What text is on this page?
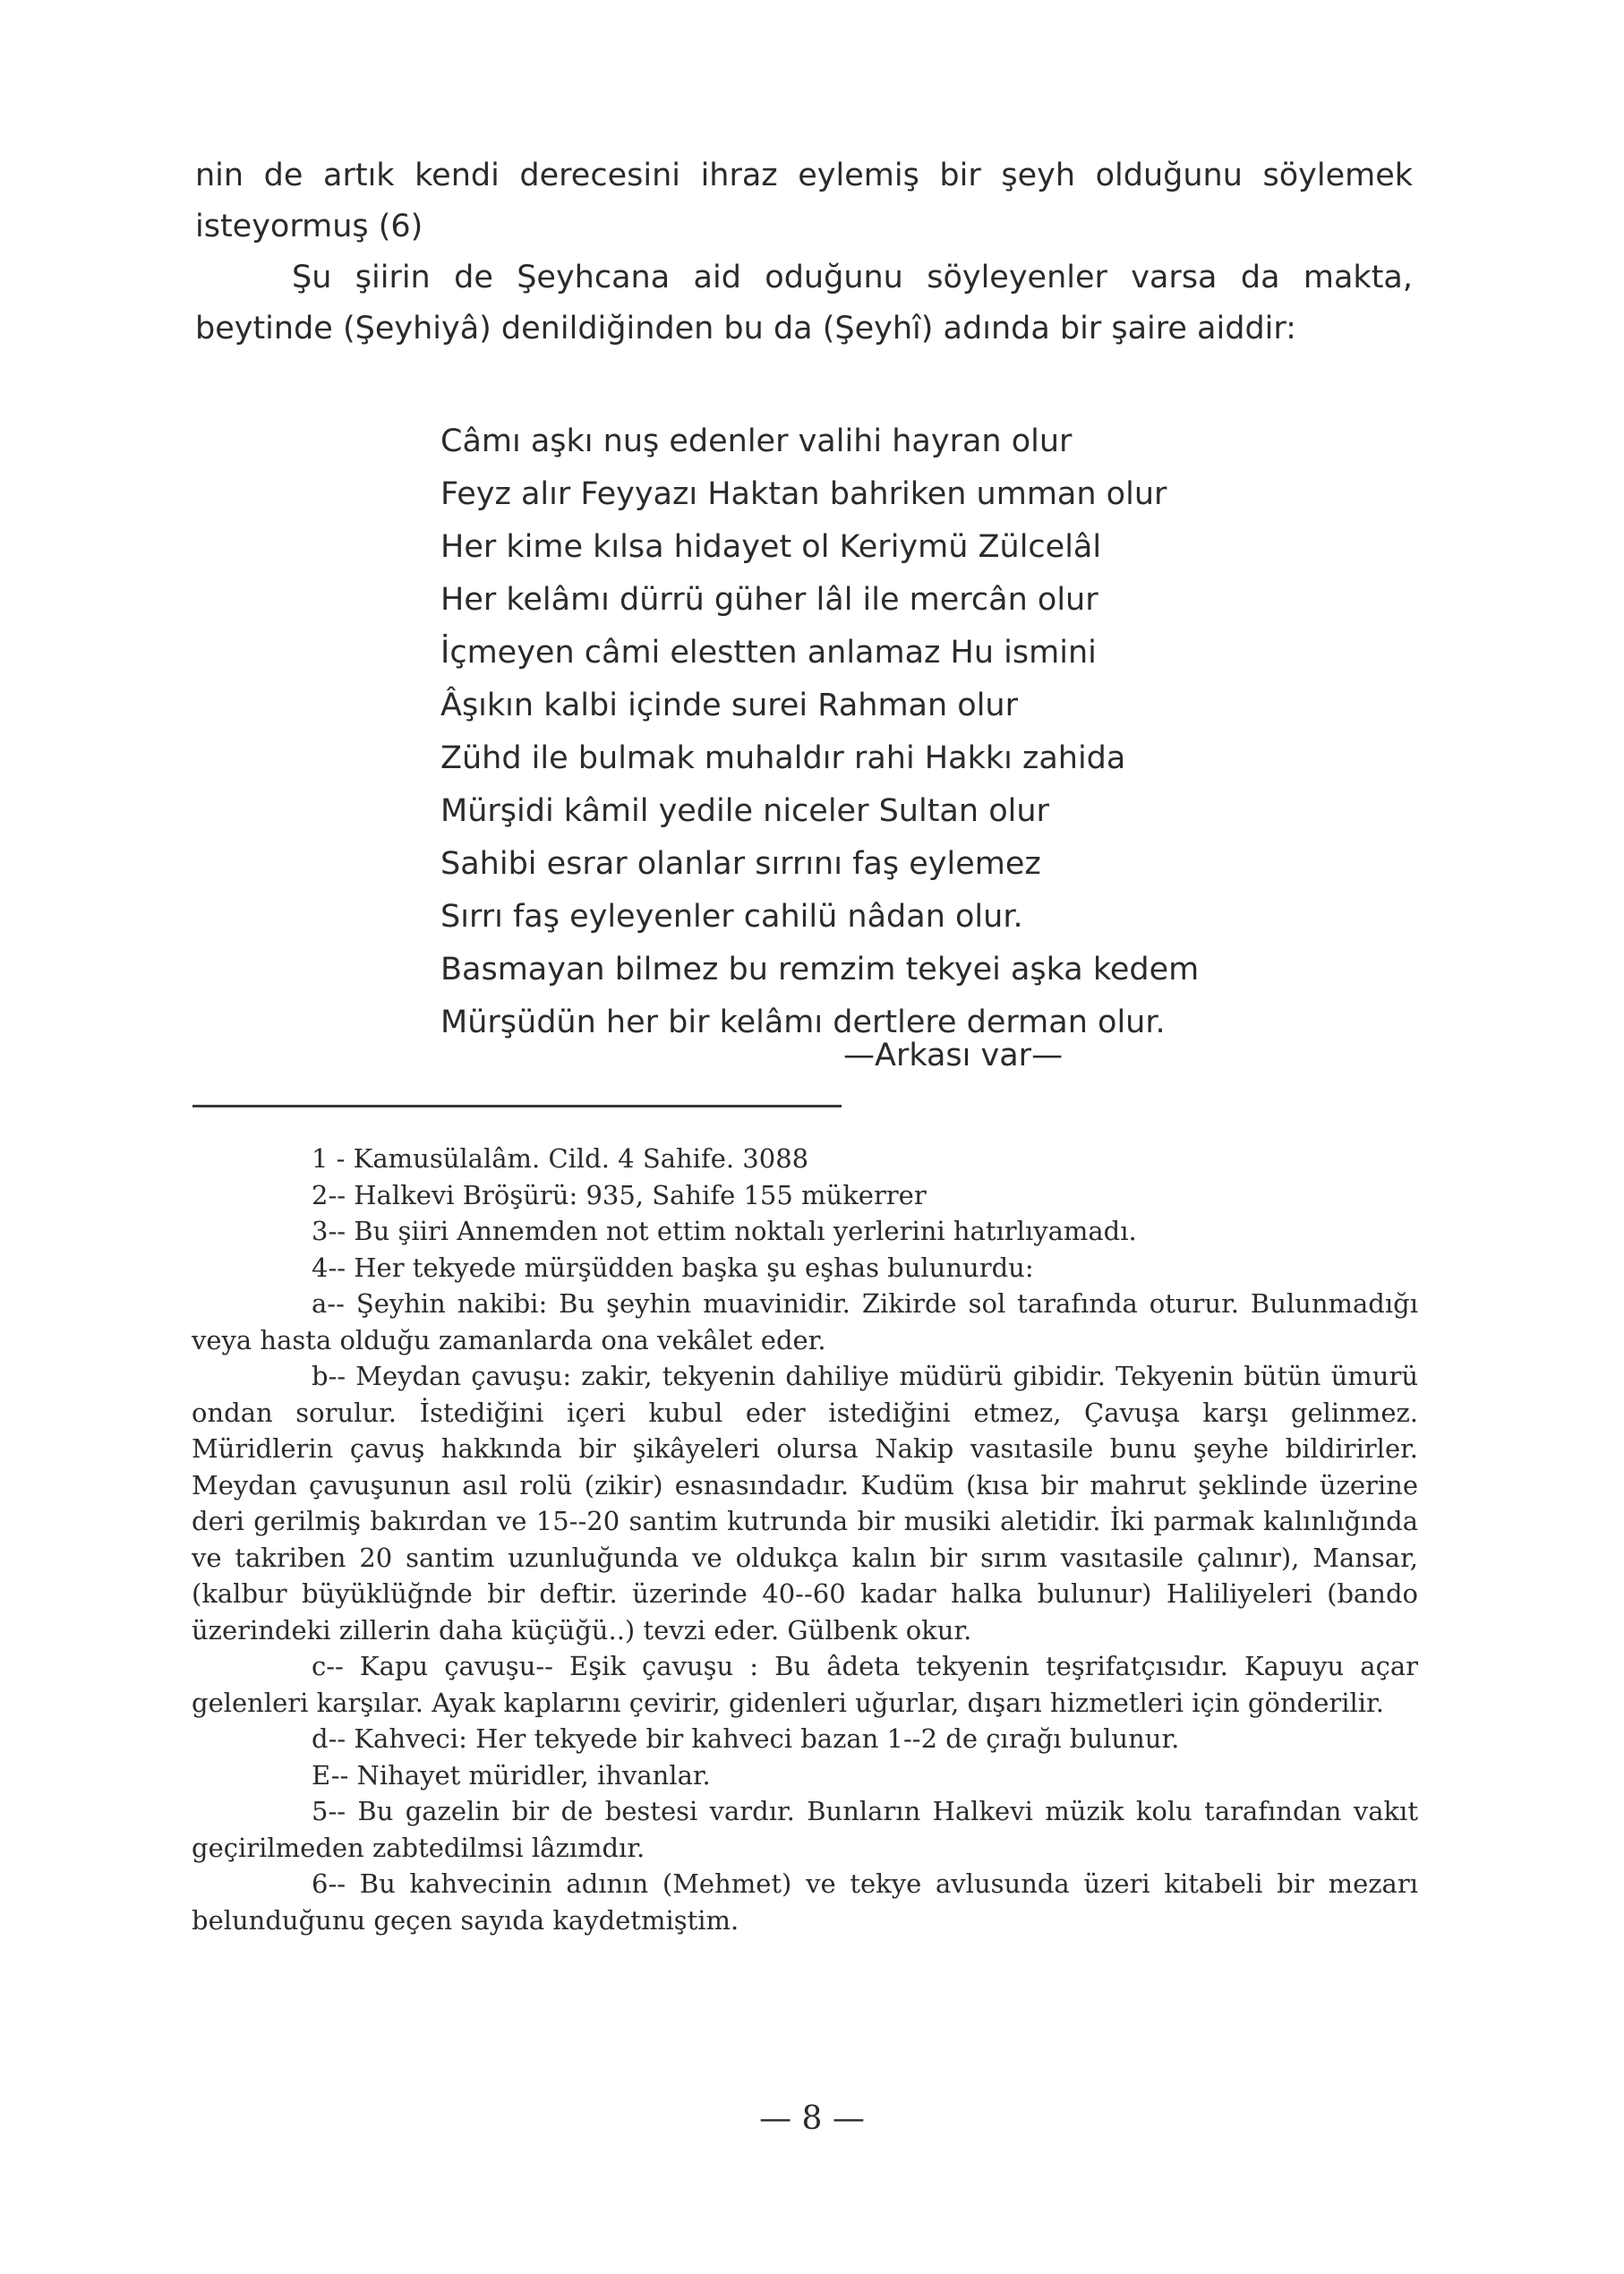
nin de artık kendi derecesini ihraz eylemiş bir şeyh olduğunu söylemek isteyormuş (6)

Şu şiirin de Şeyhcana aid oduğunu söyleyenler varsa da makta, beytinde (Şeyhiyâ) denildiğinden bu da (Şeyhî) adında bir şaire aiddir:

Câmı aşkı nuş edenler valihi hayran olur
Feyz alır Feyyazı Haktan bahriken umman olur
Her kime kılsa hidayet ol Keriymü Zülcelâl
Her kelâmı dürrü güher lâl ile mercân olur
İçmeyen câmi elestten anlamaz Hu ismini
Âşıkın kalbi içinde surei Rahman olur
Zühd ile bulmak muhaldır rahi Hakkı zahida
Mürşidi kâmil yedile niceler Sultan olur
Sahibi esrar olanlar sırrını faş eylemez
Sırrı faş eyleyenler cahilü nâdan olur.
Basmayan bilmez bu remzim tekyei aşka kedem
Mürşüdün her bir kelâmı dertlere derman olur.
—Arkası var—

1 - Kamusülalâm. Cild. 4 Sahife. 3088

2-- Halkevi Bröşürü: 935, Sahife 155 mükerrer

3-- Bu şiiri Annemden not ettim noktalı yerlerini hatırlıyamadı.

4-- Her tekyede mürşüdden başka şu eşhas bulunurdu:

a-- Şeyhin nakibi: Bu şeyhin muavinidir. Zikirde sol tarafında oturur. Bulunmadığı veya hasta olduğu zamanlarda ona vekâlet eder.

b-- Meydan çavuşu: zakir, tekyenin dahiliye müdürü gibidir. Tekyenin bütün ümurü ondan sorulur. İstediğini içeri kubul eder istediğini etmez, Çavuşa karşı gelinmez. Müridlerin çavuş hakkında bir şikâyeleri olursa Nakip vasıtasile bunu şeyhe bildirirler. Meydan çavuşunun asıl rolü (zikir) esnasındadır. Kudüm (kısa bir mahrut şeklinde üzerine deri gerilmiş bakırdan ve 15--20 santim kutrunda bir musiki aletidir. İki parmak kalınlığında ve takriben 20 santim uzunluğunda ve oldukça kalın bir sırım vasıtasile çalınır), Mansar, (kalbur büyüklüğnde bir deftir. üzerinde 40--60 kadar halka bulunur) Haliliyeleri (bando üzerindeki zillerin daha küçüğü..) tevzi eder. Gülbenk okur.

c-- Kapu çavuşu-- Eşik çavuşu : Bu âdeta tekyenin teşrifatçısıdır. Kapuyu açar gelenleri karşılar. Ayak kaplarını çevirir, gidenleri uğurlar, dışarı hizmetleri için gönderilir.

d-- Kahveci: Her tekyede bir kahveci bazan 1--2 de çırağı bulunur.

E-- Nihayet müridler, ihvanlar.

5-- Bu gazelin bir de bestesi vardır. Bunların Halkevi müzik kolu tarafından vakıt geçirilmeden zabtedilmsi lâzımdır.

6-- Bu kahvecinin adının (Mehmet) ve tekye avlusunda üzeri kitabeli bir mezarı belunduğunu geçen sayıda kaydetmiştim.

— 8 —
